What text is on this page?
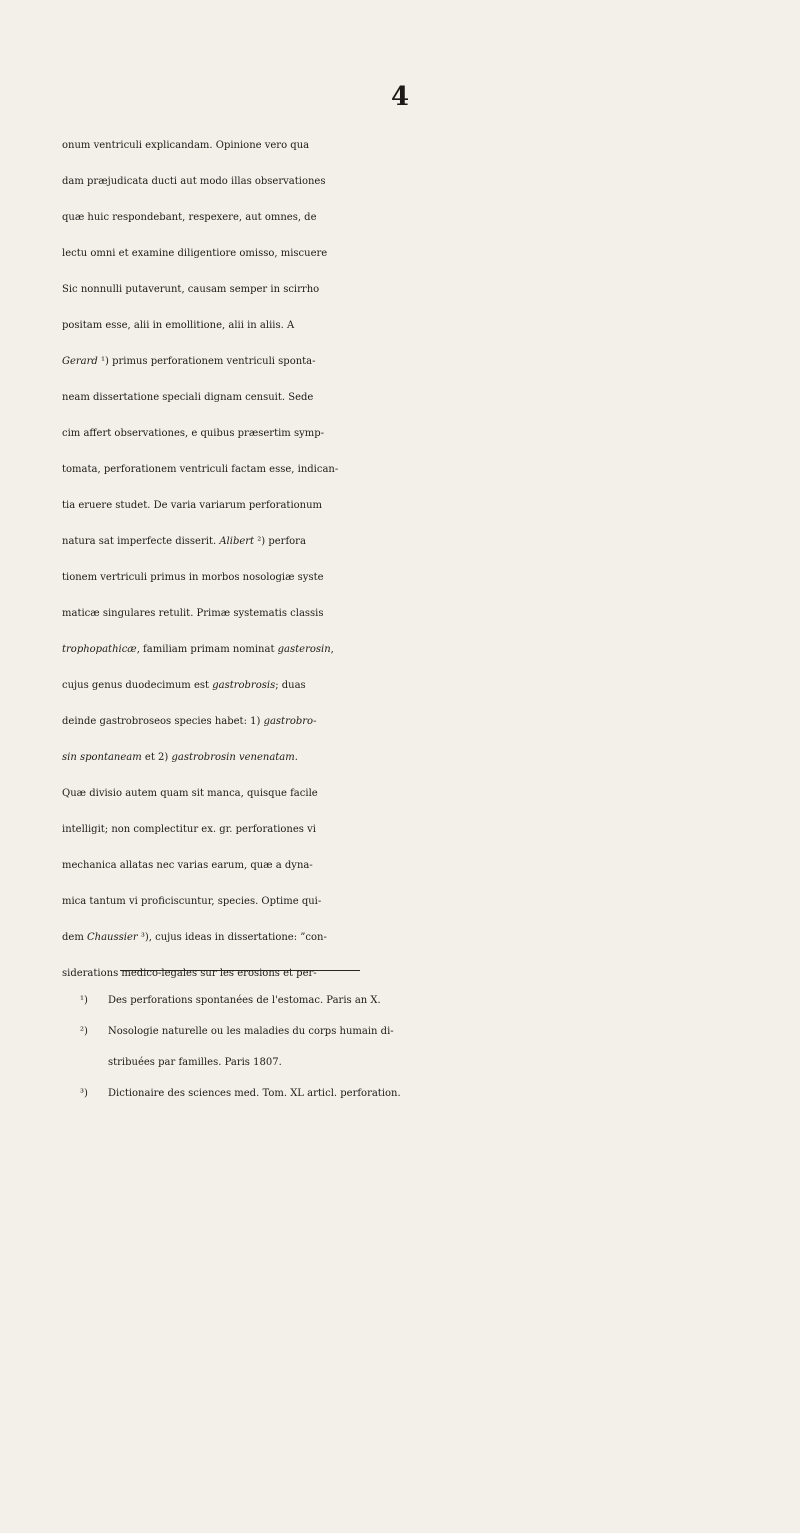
4
onum ventriculi explicandam. Opinione vero qua
dam præjudicata ducti aut modo illas observationes
quæ huic respondebant, respexere, aut omnes, de
lectu omni et examine diligentiore omisso, miscuere
Sic nonnulli putaverunt, causam semper in scirrho
positam esse, alii in emollitione, alii in aliis. A
Gerard ¹) primus perforationem ventriculi sponta-
neam dissertatione speciali dignam censuit. Sede
cim affert observationes, e quibus præsertim symp-
tomata, perforationem ventriculi factam esse, indican-
tia eruere studet. De varia variarum perforationum
natura sat imperfecte disserit. Alibert ²) perfora
tionem vertriculi primus in morbos nosologiæ syste
maticæ singulares retulit. Primæ systematis classis
trophopathicæ, familiam primam nominat gasterosin,
cujus genus duodecimum est gastrobrosis; duas
deinde gastrobroseos species habet: 1) gastrobro-
sin spontaneam et 2) gastrobrosin venenatam.
Quæ divisio autem quam sit manca, quisque facile
intelligit; non complectitur ex. gr. perforationes vi
mechanica allatas nec varias earum, quæ a dyna-
mica tantum vi proficiscuntur, species. Optime qui-
dem Chaussier ³), cujus ideas in dissertatione: ”con-
siderations medico-legales sur les erosions et per-
¹) Des perforations spontanées de l'estomac. Paris an X.
²) Nosologie naturelle ou les maladies du corps humain di-
stribuées par familles. Paris 1807.
³) Dictionaire des sciences med. Tom. XL articl. perforation.
